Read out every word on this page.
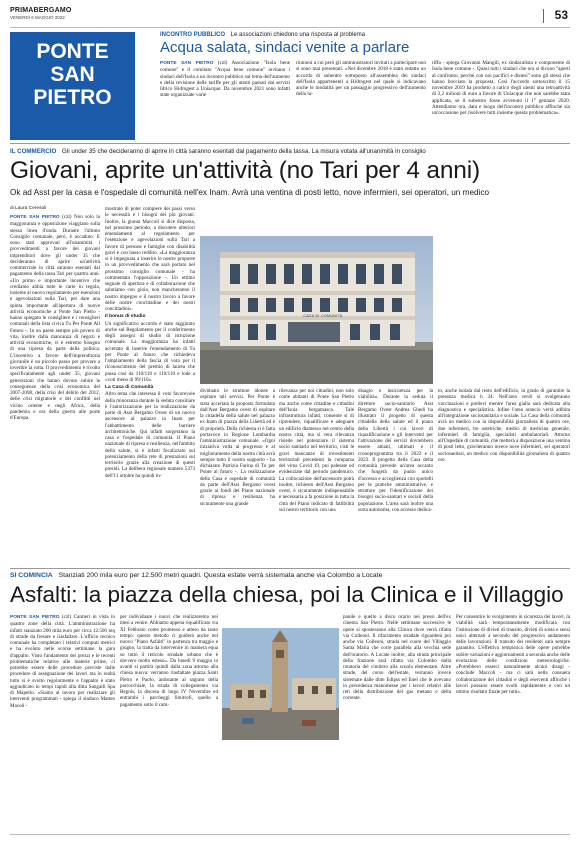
PRIMABERGAMO
VENERDÌ 6 MAGGIO 2022	53
PONTE
SAN
PIETRO
INCONTRO PUBBLICO Le associazioni chiedono una risposta al problema
Acqua salata, sindaci venite a parlare
PONTE SAN PIETRO (czl) Associazione "Isola bene comune" e il comitato "Acqua bene comune" invitano i sindaci dell'Isola a un incontro pubblico sul tema dell'aumento e della revisione delle tariffe per gli utenti passati dai servizi Idrico Hidrogest a Uniacque. Da novembre 2021 sono infatti state organizzate varie
riunioni a cui però gli amministratori invitati a partecipare non si sono mai presentati. «Nel dicembre 2018 è stato redatto un accordo di subentro sottoposto all'assemblea dei sindaci dell'Isola appartenenti a Hidrogest nel quale si indicavano anche le modalità per un passaggio progressivo dell'aumento della ta-
riffa - spiega Giovanni Mangili, ex sindacalista e componente di Isola bene comune -. Quasi tutti i sindaci che ora si dicono "aperti al confronto, perché con noi pacifici e distesi" sono gli stessi che hanno bocciato la proposta. Così l'accordo sottoscritto il 15 novembre 2019 ha prodotto a carico degli utenti una retroattività di 3,2 milioni di euro a favore di Uniacque che non sarebbe stata applicata, se il subentro fosse avvenuto il 1° gennaio 2020. Attendiamo ora, data e luogo dell'incontro pubblico affinché sia un'occasione per risolvere tutti insieme questa problematica».
IL COMMERCIO Gli under 35 che decideranno di aprire in città saranno esentati dal pagamento della tassa. La misura votata all'unanimità in consiglio
Giovani, aprite un'attività (no Tari per 4 anni)
Ok ad Asst per la casa e l'ospedale di comunità nell'ex Inam. Avrà una ventina di posti letto, nove infermieri, sei operatori, un medico
di Laura Ceresoli
PONTE SAN PIETRO (czl) Non solo la maggioranza e opposizione viaggiano sulla stessa linea d'onda. Durante l'ultimo Consiglio comunale, però, è accaduto. E sono stati approvati all'unanimità i provvedimenti a favore dei giovani imprenditori dove gli under 35 che decideranno di aprire un'attività commerciale in città saranno esentati dal pagamento della tassa Tari per quattro anni. «Un primo e importante incentivo che crediamo abbia tutte le carte in regola, insieme al nuovo regolamento per esenzioni e agevolazioni sulla Tari, per dare una spinta importante all'apertura di nuove attività economiche a Ponte San Pietro - hanno spiegato le consigliere e i consiglieri comunali della lista civica Tu Per Ponte All Futuro -. In un paese sempre più povero di vita, inoltre dalla mancanza di negozi e attività economiche, vi è estremo bisogno di una ripresa da parte della politica. L'incentivo a favore dell'imprenditoria giovanile è un piccolo passo per provare a invertire la rotta. Il provvedimento è rivolto specificatamente agli under 35, giovani generazioni che hanno dovuto subire le conseguenze della crisi economica del 2007-2008, della crisi del debito del 2012, delle crisi migratorie e dei conflitti nel vicino oriente e negli Africa, della pandemia e ora della guerra alle porte d'Europa.
mostrato di poter compiere dei passi verso le necessità e i bisogni dei più giovani. Inoltre, la giunta Maccoli si dice disposta, nel prossimo periodo, a discutere ulteriori emendamenti al regolamento per l'esenzione e agevolazioni sulla Tari a favore di persone e famiglie con disabilità gravi e con basso reddito. «La maggioranza si è impegnata a inserire le nostre proposte in un provvedimento che sarà portato nel prossimo consiglio comunale - ha commentato l'opposizione -. Un ottimo segnale di apertura e di collaborazione che salutiamo con gioia, non mancheranno il nostro impegno e il nostro lavoro a favore delle nostre concittadine e dei nostri concittadini».
Il bonus di studio
Un significativo accordo è stato raggiunto anche sul Regolamento per il conferimento degli assegni di studio di istruzione comunale. La maggioranza ha infatti accettato di inserire l'emendamento di Tu per Ponte al futuro che richiedeva l'ampliamento della fascia di voto per il riconoscimento del premio di laurea che passa così da 110/110 e 110/110 e lode a «voti meno di 99/110».
La Casa di Comunità
Altro tema che interessa il voto favorevole della minoranza durante la seduta consiliare è l'autorizzazione per la realizzazione da parte di Asst Bergamo Ovest di un nuovo ascensore al palazzo in Inam per l'abbattimento delle barriere architettoniche. Qui infatti sorgeranno la casa e l'ospedale di comunità. Il Piano nazionale di ripresa e resilienza, nell'ambito della salute, si è infatti focalizzato sul potenziamento della rete di prestazioni sul territorio grazie alla creazione di questi presidi. La delibera regionale numero 5373 dell'11 ottobre ha quindi in-
CASA DI COMUNITÀ
dividuato le strutture idonee a ospitare tali servizi. Per Ponte è stata accertata la proposta formulata dall'Asst Bergamo ovest di ospitare la cittadella della salute nel palazzo ex Inam di piazza della Libertà ed è di proprietà. Della richiesta si è fatta portavoce in Regione Lombardia l'amministrazione comunale. «Ogni iniziativa volta al progresso e al miglioramento della nostra città avrà sempre tutto il nostro supporto - ha dichiarato Patrizia Farina di Tu per Ponte al futuro -. La realizzazione della Casa e ospedale di comunità da parte dell'Asst Bergamo ovest grazie ai fondi del Piano nazionale di ripresa e resilienza ha sicuramente una grande
rilevanza per noi cittadini, non solo come abitanti di Ponte San Pietro ma anche come cittadine e cittadini dell'Isola bergamasca. Tale infrastruttura infatti, consente si di riprendere, riqualificare e adeguare un edificio dismesso nel centro della nostra città, ma si vera rilevanza risiede nel potenziare il sistema socio sanitario nel territorio, visti le gravi mancanze di investimenti territoriali precedenti la comparsa del virus Covid 19, poi palesate ed evidenziate dal periodo pandemico. La collocazione dell'ascensore potrà inoltre, richiesto dell'Asst Bergamo ovest, è sicuramente indispensabile e necessaria a fa posizione in tutta la città del Piano indicato di fattibilità sul nostro territorio con una
disagio e insicurezza per la viabilità». Durante la seduta il direttore socio-sanitario Asst Bergamo Ovest Andrea Ghedi ha illustrato il progetto di questa cittadella della salute ed il piano della Libertà i cui lavori di riqualificazione e gli interventi per l'attivazione dei servizi dovrebbero essere attuati, ultimati e il cronoprogramma tra il 2022 e il 2023. Il progetto della Casa della comunità prevede un'area accanto che fungerà da punto unico d'accesso e accoglienza con sportelli per le pratiche amministrative, e strutture per l'identificazione dei bisogni socio-sanitari e sociali della popolazione. L'area sarà inoltre una sorta autonoma, con accesso dedica-
to, anche isolata dal resto dell'edificio, in grado di garantire la presenza medica h 24. Nell'area verdi si svolgeranno vaccinazioni e prelievi mentre l'area gialla sarà dedicata alla diagnostica e specialistica. Infine l'area arancio verrà adibita all'integrazione sociosanitaria e sociale. La Casa della comunità avrà un medico con la disponibilità giornaliera di quattro ore, due infermieri, tre ostetriche, medici di medicina generale, infermieri di famiglia, specialisti ambulatoriali. Attorno all'Ospedale di comunità, che metterà a disposizione una ventina di posti letto, graviteranno invece nove infermieri, sei operatori sociosanitari, un medico con disponibilità giornaliera di quattro ore.
SI COMINCIA Stanziati 200 mila euro per 12.500 metri quadri. Questa estate verrà sistemata anche via Colombo a Locate
Asfalti: la piazza della chiesa, poi la Clinica e il Villaggio
PONTE SAN PIETRO (czl) Cantieri in vista in quattro zone della città. L'amministrazione ha infatti stanziato 200 mila euro per circa 12.500 mq di strade da fresare e riasfaltare. L'ufficio tecnico comunale ha completato i relativi computi metrici e ha evoluto nelle scorse settimane la gara d'appalto. Visto l'andamento dei prezzi e le recenti problematiche relative alle materie prime, ci potrebbe essere delle procedure previste dalle procedure di assegnazione dei lavori ma in realtà tutto si è svolto regolarmente e l'appalto è stato aggiudicato in tempi rapidi alla ditta Sangalli Spa di Mapello. «Siamo al lavoro per realizzare gli interventi programmati - spiega il sindaco Matteo Macoli -
per individuare i nuovi che realizzeremo nei mesi a venire. Abbiamo appena riqualificato via XI Febbraio come promesso e atteso da tanto tempo: questo metodo ci guiderà anche nel nuovo "Piano Asfalti" in partenza tra maggio e giugno, la tratta da intervenire in maniera equa su tutto il reticolo stradale urbano che è davvero molto esteso». Da lunedì 9 maggio in avanti si partirà quindi dalla zona attorno alla chiesa nuova: verranno riasfaltate piazza Santi Pietro e Paolo, antistante al sagrato della parrocchiale, la strada di collegamento via Begnis, la discesa di largo IV Novembre ed entrambi i parcheggi limitrofi, quello a pagamento sotto il cam-
panile e quello a disco orario nei pressi dell'ex cinema San Pietro. Nelle settimane successive le opere si sposteranno alla Clinica dove verrà rifatta via Colleoni. Il rifacimento stradale riguarderà poi anche via Colleoni, strada nel cuore del Villaggio Santa Maria che corre parallela alla vecchia sede dell'oratorio. A Locate inoltre, alla strada principale della frazione sarà rifatta via Colombo dalla rotatoria del cimitero alla scuola elementare. Altre strade, del corso dell'estate, verranno invece sistemate dalle ditte Edipss ed Enel che le avevano in precedenza manomesse per i lavori relativi alle reti della distribuzione del gas metano e della corrente.
Per consentire lo svolgimento in sicurezza dei lavori, la viabilità sarà temporaneamente modificata con l'istituzione di divieti di transito, divieti di sosta e sensi unici alternati a secondo del progressivo andamento delle lavorazioni. Il transito dei residenti sarà sempre garantito. L'effettiva tempistica delle opere potrebbe subire variazioni e aggiornamenti a seconda anche delle evoluzioni delle condizioni meteorologiche. «Potrebbero esserci naturalmente alcuni disagi - conclude Maccoli - ma ci sarà nella consueta collaborazione dei cittadini e degli esercenti affinché i lavori possano essere svolti rapidamente e con un ottimo risultato finale per tutti».
